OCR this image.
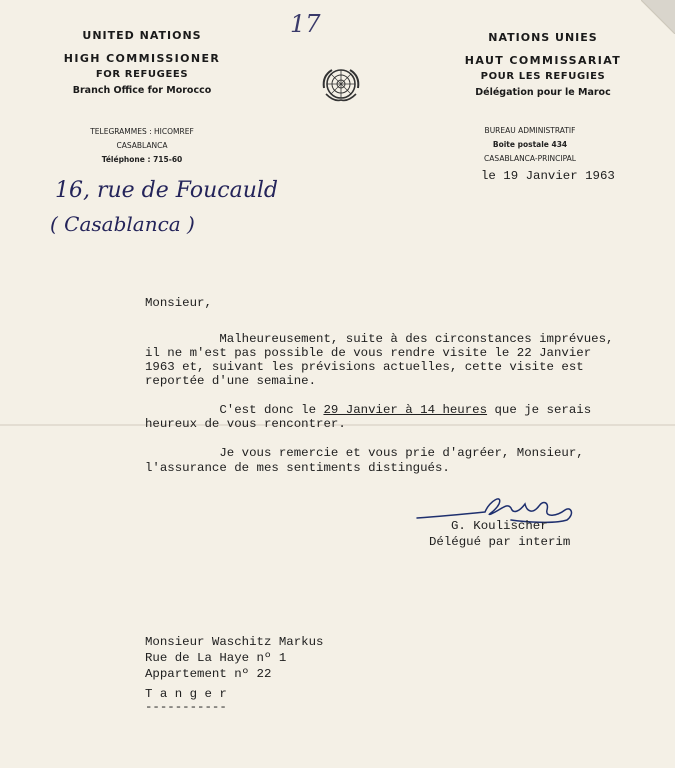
17
UNITED NATIONS
HIGH COMMISSIONER
FOR REFUGEES
Branch Office for Morocco
TELEGRAMMES : HICOMREF
CASABLANCA
Téléphone : 715-60
NATIONS UNIES
HAUT COMMISSARIAT
POUR LES REFUGIES
Délégation pour le Maroc
BUREAU ADMINISTRATIF
Boite postale 434
CASABLANCA-PRINCIPAL
le 19 Janvier 1963
16, rue de Foucauld
( Casablanca )
Monsieur,
Malheureusement, suite à des circonstances imprévues,
il ne m'est pas possible de vous rendre visite le 22 Janvier
1963 et, suivant les prévisions actuelles, cette visite est
reportée d'une semaine.
C'est donc le 29 Janvier à 14 heures que je serais
heureux de vous rencontrer.
Je vous remercie et vous prie d'agréer, Monsieur,
l'assurance de mes sentiments distingués.
G. Koulischer
Délégué par interim
Monsieur Waschitz Markus
Rue de La Haye nº 1
Appartement nº 22
T a n g e r
-----------
